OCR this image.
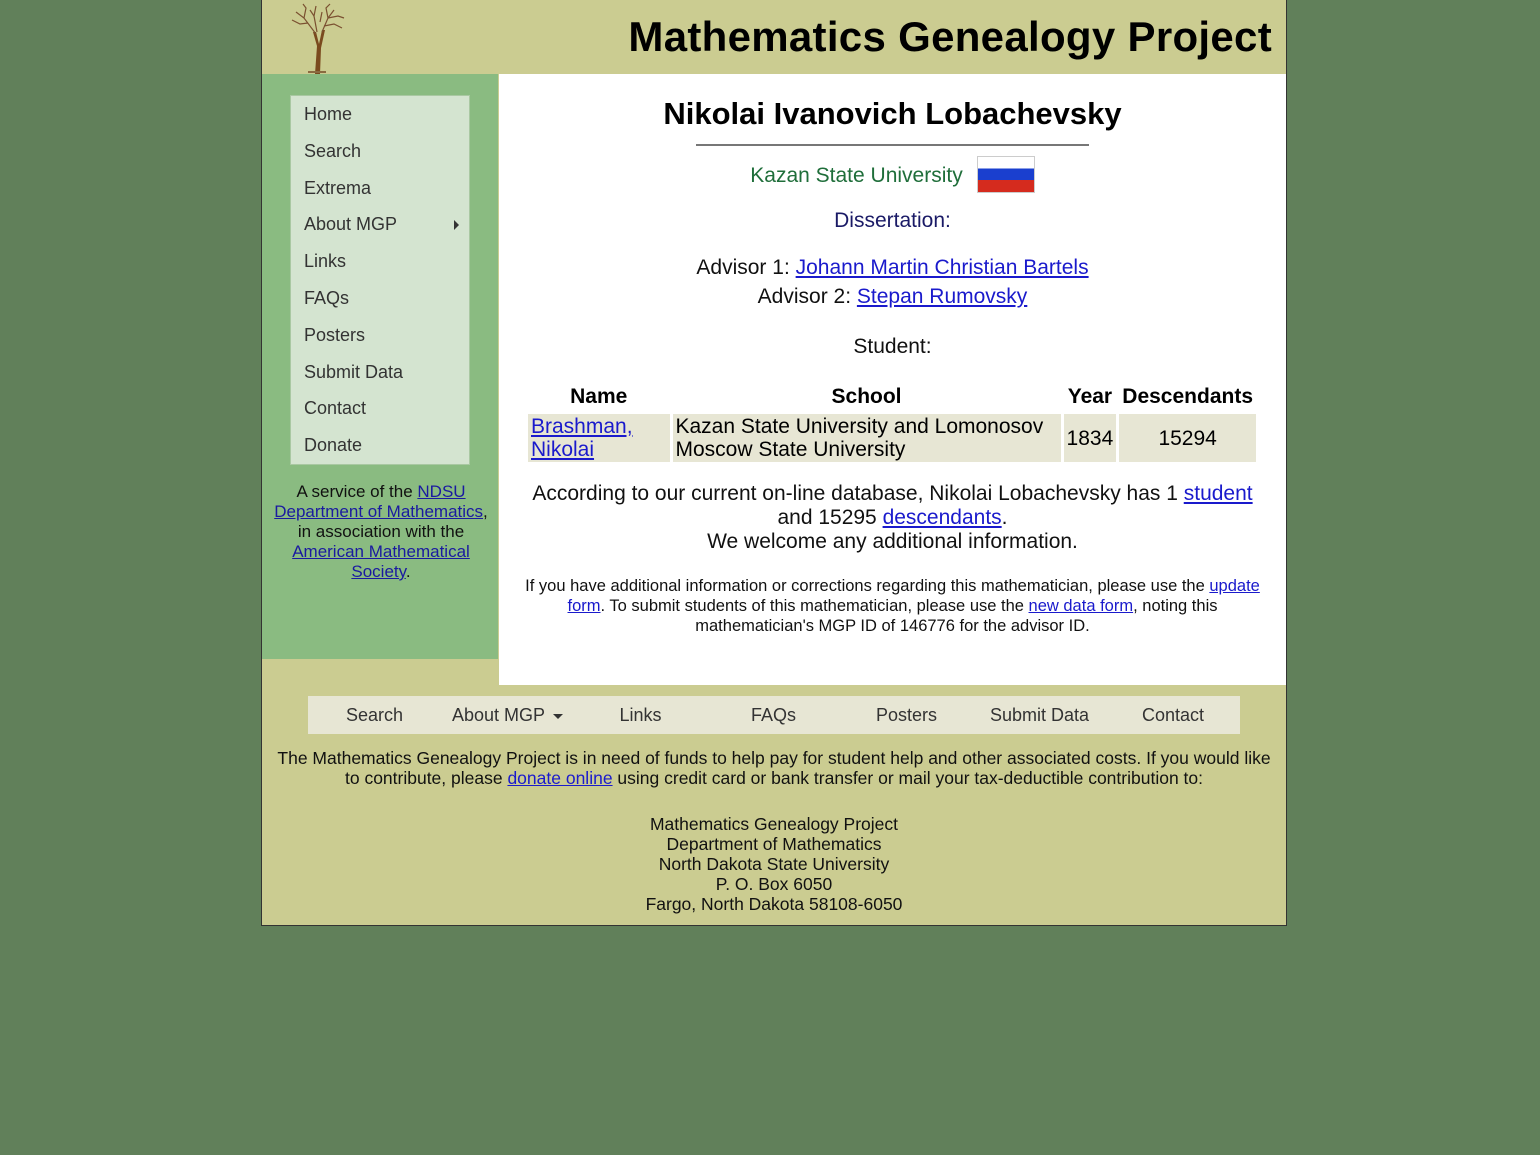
Mathematics Genealogy Project
Home
Search
Extrema
About MGP
Links
FAQs
Posters
Submit Data
Contact
Donate
A service of the NDSU Department of Mathematics, in association with the American Mathematical Society.
Nikolai Ivanovich Lobachevsky
Kazan State University
Dissertation:
Advisor 1: Johann Martin Christian Bartels
Advisor 2: Stepan Rumovsky
Student:
Name	School	Year	Descendants
Brashman, Nikolai	Kazan State University and Lomonosov Moscow State University	1834	15294
According to our current on-line database, Nikolai Lobachevsky has 1 student and 15295 descendants.
We welcome any additional information.
If you have additional information or corrections regarding this mathematician, please use the update form. To submit students of this mathematician, please use the new data form, noting this mathematician's MGP ID of 146776 for the advisor ID.
Search	About MGP	Links	FAQs	Posters	Submit Data	Contact
The Mathematics Genealogy Project is in need of funds to help pay for student help and other associated costs. If you would like to contribute, please donate online using credit card or bank transfer or mail your tax-deductible contribution to:
Mathematics Genealogy Project
Department of Mathematics
North Dakota State University
P. O. Box 6050
Fargo, North Dakota 58108-6050
